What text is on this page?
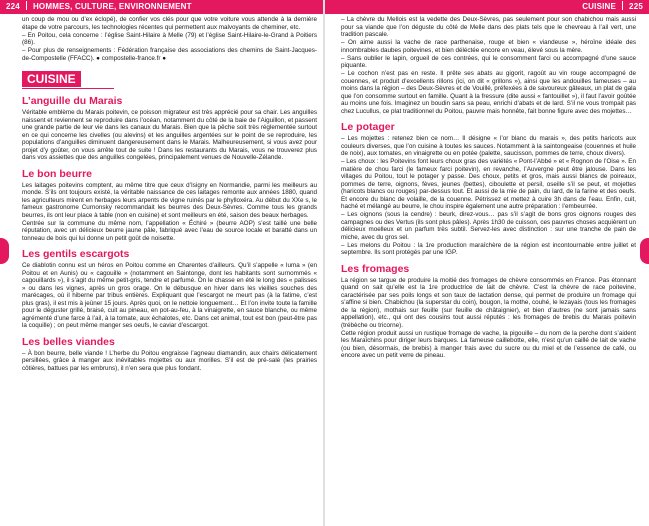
224 HOMMES, CULTURE, ENVIRONNEMENT

un coup de mou ou d’ex éclopé), de confier vos clés pour que votre voiture vous attende à la dernière étape de votre parcours, les technologies récentes qui permettent aux malvoyants de cheminer, etc.

– En Poitou, cela concerne : l’église Saint-Hilaire à Melle (79) et l’église Saint-Hilaire-le-Grand à Poitiers (86).

– Pour plus de renseignements : Fédération française des associations des chemins de Saint-Jacques-de-Compostelle (FFACC). ● compostelle-france.fr ●

CUISINE
L’anguille du Marais

Véritable emblème du Marais poitevin, ce poisson migrateur est très apprécié pour sa chair. Les anguilles naissent et reviennent se reproduire dans l’océan, notamment du côté de la baie de l’Aiguillon, et passent une grande partie de leur vie dans les canaux du Marais. Bien que la pêche soit très réglementée surtout en ce qui concerne les civelles (ou alevins) et les anguilles argentées sur le point de se reproduire, les populations d’anguilles diminuent dangereusement dans le Marais. Malheureusement, si vous avez pour projet d’y goûter, on vous arrête tout de suite ! Dans les restaurants du Marais, vous ne trouverez plus dans vos assiettes que des anguilles congelées, principalement venues de Nouvelle-Zélande.

Le bon beurre

Les laitages poitevins comptent, au même titre que ceux d’Isigny en Normandie, parmi les meilleurs au monde. S’ils ont toujours existé, la véritable naissance de ces laitages remonte aux années 1880, quand les agriculteurs mirent en herbages leurs arpents de vigne ruinés par le phylloxéra. Au début du XXe s, le fameux gastronome Curnonsky recommandait les beurres des Deux-Sèvres. Comme tous les grands beurres, ils ont leur place à table (non en cuisine) et sont meilleurs en été, saison des beaux herbages.

Centrée sur la commune du même nom, l’appellation « Échiré » (beurre AOP) s’est taillé une belle réputation, avec un délicieux beurre jaune pâle, fabriqué avec l’eau de source locale et baratté dans un tonneau de bois qui lui donne un petit goût de noisette.

Les gentils escargots

Ce diablotin connu est un héros en Poitou comme en Charentes d’ailleurs. Qu’il s’appelle « luma » (en Poitou et en Aunis) ou « cagouille » (notamment en Saintonge, dont les habitants sont surnommés « cagouillards »), il s’agit du même petit-gris, tendre et parfumé. On le chasse en été le long des « palisses » ou dans les vignes, après un gros orage. On le débusque en hiver dans les vieilles souches des marécages, où il hiberne par tribus entières. Expliquant que l’escargot ne meurt pas (à la fatime, c’est plus gras), il est mis à jeûner 15 jours. Après quoi, on le nettoie longuement… Et l’on invite toute la famille pour le déguster grillé, braisé, cuit au pineau, en pot-au-feu, à la vinaigrette, en sauce blanche, ou même agrémenté d’une farce à l’ail, à la tomate, aux échalotes, etc. Dans cet animal, tout est bon (peut-être pas la coquille) ; on peut même manger ses oeufs, le caviar d’escargot.

Les belles viandes

– À bon beurre, belle viande ! L’herbe du Poitou engraisse l’agneau diamandin, aux chairs délicatement persillées, grâce à manger aux inévitables mojettes ou aux morilles. S’il est de pré-salé (les prairies côtières, battues par les embruns), il n’en sera que plus fondant.

CUISINE 225

– La chèvre du Mellois est la vedette des Deux-Sèvres, pas seulement pour son chabichou mais aussi pour sa viande que l’on déguste du côté de Melle dans des plats tels que le chevreau à l’ail vert, une tradition pascale.

– On aime aussi la vache de race parthenaise, rouge et bien « viandeuse », héroïne idéale des innombrables daubes poitevines, et bien déléctée encore en veau, élevé sous la mère.

– Sans oublier le lapin, orgueil de ces contrées, qui le consomment farci ou accompagné d’une sauce piquante.

– Le cochon n’est pas en reste. Il prête ses abats au gigorit, ragoût au vin rouge accompagné de couennes, et produit d’excellents rillons (ici, on dit « grillons »), ainsi que les andouilles fameuses – au moins dans la région – des Deux-Sèvres et de Vouillé, préfexées à de savoureux gâteaux, un plat de gala que l’on consomme surtout en famille. Quant à la fressure (dite aussi « fantouillet »), il faut l’avoir goûtée au moins une fois. Imaginez un boudin sans sa peau, enrichi d’abats et de lard. S’il ne vous trompait pas chez Lucullus, ce plat traditionnel du Poitou, pauvre mais honnête, fait bonne figure avec des mojettes…

Le potager

– Les mojettes : retenez bien ce nom… Il désigne « l’or blanc du marais », des petits haricots aux couleurs diverses, que l’on cuisine à toutes les sauces. Notamment à la saintongeaise (couennes et huile de noix), aux tomates, en vinaigrette ou en potée (palette, saucisson, pommes de terre, choux divers).

– Les choux : les Poitevins font leurs choux gras des variétés « Pont-l’Abbé » et « Rognon de l’Oise ». En matière de chou farci (le fameux farci poitevin), en revanche, l’Auvergne peut être jalouse. Dans les villages du Poitou, tout le potager y passe. Des choux, petits et gros, mais aussi blancs de poireaux, pommes de terre, oignons, fèves, jeunes (bettes), ciboulette et persil, oseille s’il se peut, et mojettes (haricots blancs ou rouges) par-dessus tout. Et aussi de la mie de pain, du lard, de la farine et des oeufs. Et encore du blanc de volaille, de la couenne. Pétrissez et mettez à cuire 3h dans de l’eau. Enfin, cuit, haché et mélangé au beurre, le chou inspire également une autre préparation : l’embeurrée.

– Les oignons (sous la cendre) : beurk, direz-vous… pas s’il s’agit de bons gros oignons rouges des campagnes ou des Vertus (ils sont plus pâles). Après 1h30 de cuisson, ces pauvres choses acquièrent un délicieux moelleux et un parfum très subtil. Servez-les avec distinction : sur une tranche de pain de miche, avec du gros sel.

– Les melons du Poitou : la 1re production maraîchère de la région est incontournable entre juillet et septembre. Ils sont protégés par une IGP.

Les fromages

La région se targue de produire la moitié des fromages de chèvre consommés en France. Pas étonnant quand on sait qu’elle est la 1re productrice de lait de chèvre. C’est la chèvre de race poitevine, caractérisée par ses poils longs et son taux de lactation dense, qui permet de produire un fromage qui s’affine si bien. Chabichou (la superstar du coin), bougon, la mothe, couhé, le lezayais (tous les fromages de la région), mothais sur feuille (sur feuille de châtaignier), et bien d’autres (ne sont jamais sans appellation), etc., qui ont des cousins tout aussi réputés : les fromages de brebis du Marais poitevin (trébèche ou tricorne).

Cette région produit aussi un rustique fromage de vache, la pigouille – du nom de la perche dont s’aident les Maraîchins pour diriger leurs barques. La fameuse caillebotte, elle, n’est qu’un caillé de lait de vache (ou bien, désormais, de brebis) à manger frais avec du sucre ou du miel et de l’essence de café, ou encore avec un petit verre de pineau.
